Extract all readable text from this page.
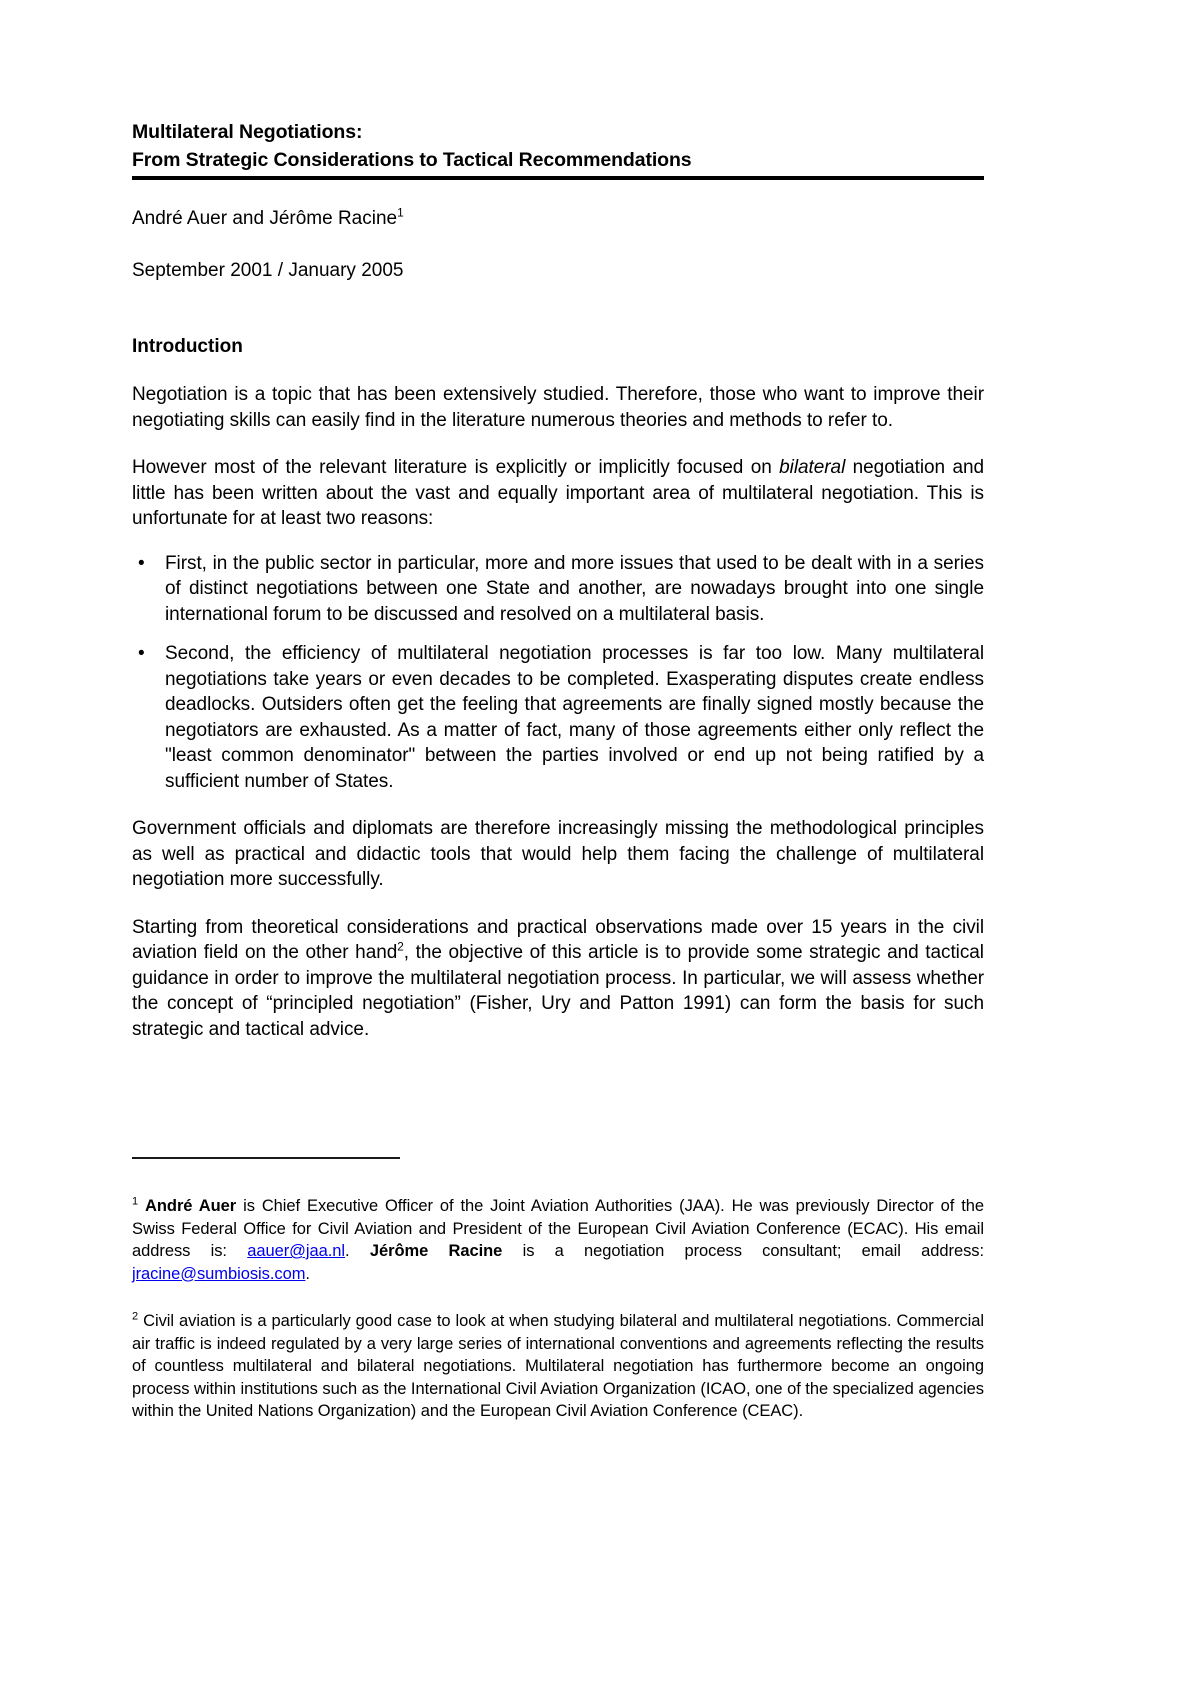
Multilateral Negotiations:
From Strategic Considerations to Tactical Recommendations
André Auer and Jérôme Racine$^1$
September 2001 / January 2005
Introduction

Negotiation is a topic that has been extensively studied. Therefore, those who want to improve their negotiating skills can easily find in the literature numerous theories and methods to refer to.

However most of the relevant literature is explicitly or implicitly focused on bilateral negotiation and little has been written about the vast and equally important area of multilateral negotiation. This is unfortunate for at least two reasons:

• First, in the public sector in particular, more and more issues that used to be dealt with in a series of distinct negotiations between one State and another, are nowadays brought into one single international forum to be discussed and resolved on a multilateral basis.
• Second, the efficiency of multilateral negotiation processes is far too low. Many multilateral negotiations take years or even decades to be completed. Exasperating disputes create endless deadlocks. Outsiders often get the feeling that agreements are finally signed mostly because the negotiators are exhausted. As a matter of fact, many of those agreements either only reflect the "least common denominator" between the parties involved or end up not being ratified by a sufficient number of States.

Government officials and diplomats are therefore increasingly missing the methodological principles as well as practical and didactic tools that would help them facing the challenge of multilateral negotiation more successfully.

Starting from theoretical considerations and practical observations made over 15 years in the civil aviation field on the other hand$^2$, the objective of this article is to provide some strategic and tactical guidance in order to improve the multilateral negotiation process. In particular, we will assess whether the concept of “principled negotiation” (Fisher, Ury and Patton 1991) can form the basis for such strategic and tactical advice.

$^1$ André Auer is Chief Executive Officer of the Joint Aviation Authorities (JAA). He was previously Director of the Swiss Federal Office for Civil Aviation and President of the European Civil Aviation Conference (ECAC). His email address is: aauer@jaa.nl. Jérôme Racine is a negotiation process consultant; email address: jracine@sumbiosis.com.

$^2$ Civil aviation is a particularly good case to look at when studying bilateral and multilateral negotiations. Commercial air traffic is indeed regulated by a very large series of international conventions and agreements reflecting the results of countless multilateral and bilateral negotiations. Multilateral negotiation has furthermore become an ongoing process within institutions such as the International Civil Aviation Organization (ICAO, one of the specialized agencies within the United Nations Organization) and the European Civil Aviation Conference (CEAC).
